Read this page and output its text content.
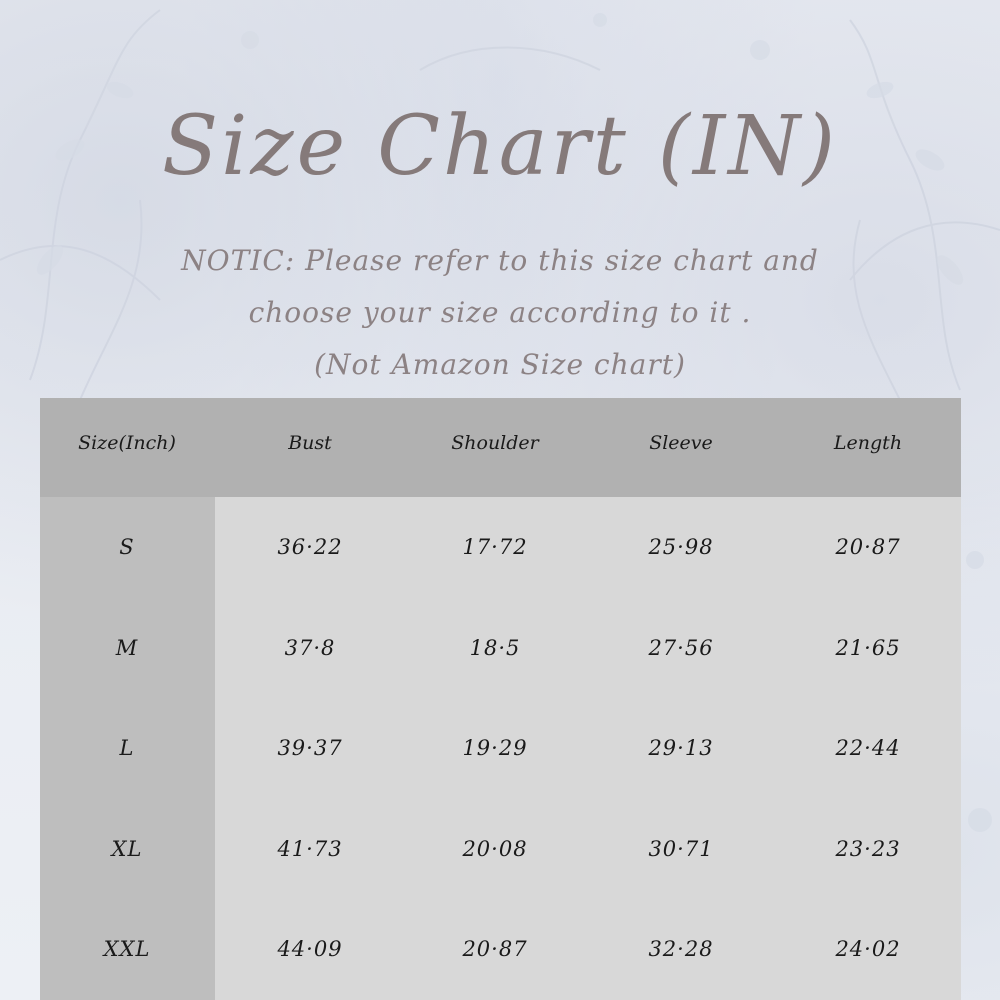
Size Chart (IN)
NOTIC: Please refer to this size chart and
choose your size according to it .
(Not Amazon Size chart)
Size(Inch)	Bust	Shoulder	Sleeve	Length
S	36·22	17·72	25·98	20·87
M	37·8	18·5	27·56	21·65
L	39·37	19·29	29·13	22·44
XL	41·73	20·08	30·71	23·23
XXL	44·09	20·87	32·28	24·02
